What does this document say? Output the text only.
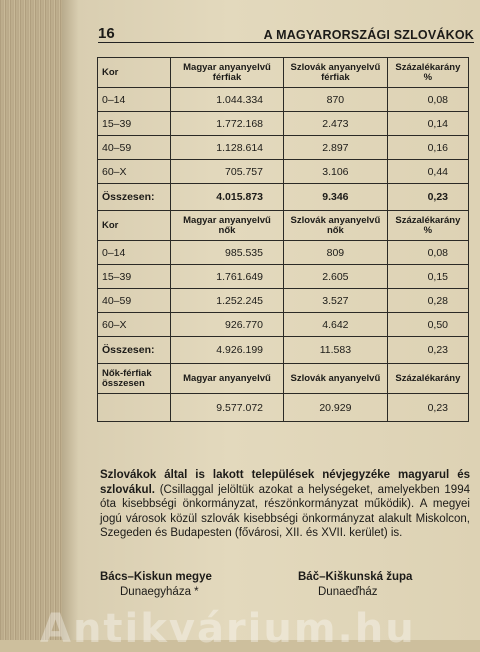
16	A MAGYARORSZÁGI SZLOVÁKOK
Kor	Magyar anyanyelvű férfiak	Szlovák anyanyelvű férfiak	Százalékarány %
0–14	1.044.334	870	0,08
15–39	1.772.168	2.473	0,14
40–59	1.128.614	2.897	0,16
60–X	705.757	3.106	0,44
Összesen:	4.015.873	9.346	0,23
Kor	Magyar anyanyelvű nők	Szlovák anyanyelvű nők	Százalékarány %
0–14	985.535	809	0,08
15–39	1.761.649	2.605	0,15
40–59	1.252.245	3.527	0,28
60–X	926.770	4.642	0,50
Összesen:	4.926.199	11.583	0,23
Nők-férfiak összesen	Magyar anyanyelvű	Szlovák anyanyelvű	Százalékarány
	9.577.072	20.929	0,23
Szlovákok által is lakott települések névjegyzéke magyarul és szlovákul. (Csillaggal jelöltük azokat a helységeket, amelyekben 1994 óta kisebbségi önkormányzat, részönkormányzat működik). A megyei jogú városok közül szlovák kisebbségi önkormányzat alakult Miskolcon, Szegeden és Budapesten (fővárosi, XII. és XVII. kerület) is.
Bács–Kiskun megye
Dunaegyháza *
Báč–Kiškunská župa
Dunaeďház
Antikvárium.hu
